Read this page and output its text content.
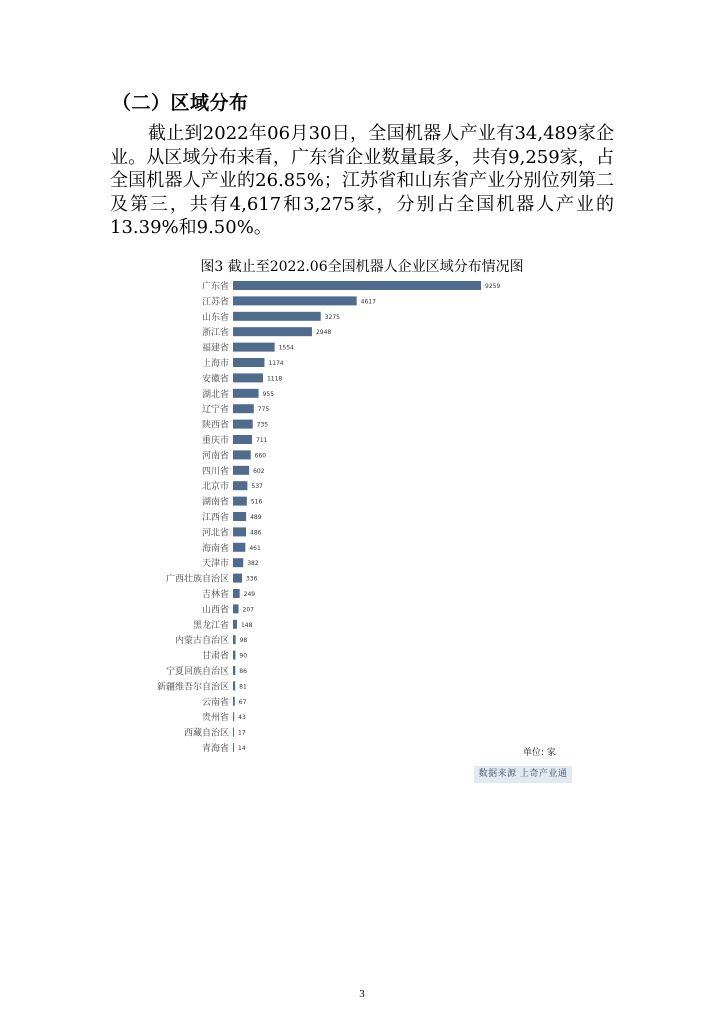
（二）区域分布

截止到2022年06月30日，全国机器人产业有34,489家企业。从区域分布来看，广东省企业数量最多，共有9,259家，占全国机器人产业的26.85%；江苏省和山东省产业分别位列第二及第三，共有4,617和3,275家，分别占全国机器人产业的13.39%和9.50%。

图3 截止至2022.06全国机器人企业区域分布情况图
广东省	9259
江苏省	4617
山东省	3275
浙江省	2948
福建省	1554
上海市	1174
安徽省	1118
湖北省	955
辽宁省	775
陕西省	735
重庆市	711
河南省	660
四川省	602
北京市	537
湖南省	516
江西省	489
河北省	486
海南省	461
天津市	382
广西壮族自治区	336
吉林省 249
山西省 207
黑龙江省 148
内蒙古自治区 98
甘肃省 90
宁夏回族自治区 86
新疆维吾尔自治区 81
云南省 67
贵州省 43
西藏自治区 17
青海省 14	单位: 家
数据来源 上奇产业通
3
